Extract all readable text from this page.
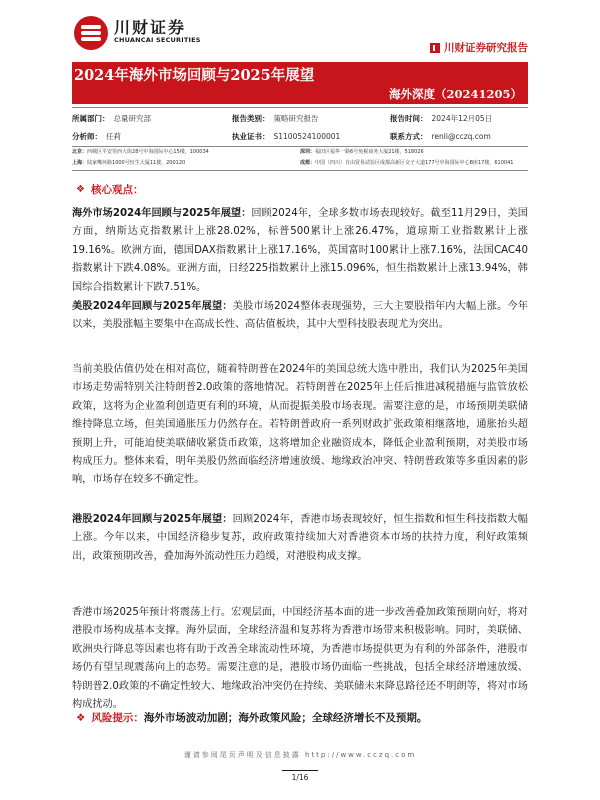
川财证券
CHUANCAI SECURITIES
川财证券研究报告
2024年海外市场回顾与2025年展望
海外深度（20241205）
所属部门： 总量研究部	报告类别： 策略研究报告	报告时间： 2024年12月05日
分析师： 任莉	执业证书： S1100524100001	联系方式： renli@cczq.com
北京：西城区平安里西大街28号中海国际中心15楼，100034	深圳：福田区福华一路6号免税商务大厦21楼，518026
上海：陆家嘴环路1000号恒生大厦11楼，200120	成都：中国（四川）自由贸易试验区成都高新区交子大道177号中海国际中心B座17楼，610041
❖ 核心观点：
海外市场2024年回顾与2025年展望：回顾2024年，全球多数市场表现较好。截至11月29日，美国方面，纳斯达克指数累计上涨28.02%，标普500累计上涨26.47%，道琼斯工业指数累计上涨19.16%。欧洲方面，德国DAX指数累计上涨17.16%，英国富时100累计上涨7.16%，法国CAC40指数累计下跌4.08%。亚洲方面，日经225指数累计上涨15.096%，恒生指数累计上涨13.94%，韩国综合指数累计下跌7.51%。
美股2024年回顾与2025年展望：美股市场2024整体表现强势，三大主要股指年内大幅上涨。今年以来，美股涨幅主要集中在高成长性、高估值板块，其中大型科技股表现尤为突出。
当前美股估值仍处在相对高位，随着特朗普在2024年的美国总统大选中胜出，我们认为2025年美国市场走势需特别关注特朗普2.0政策的落地情况。若特朗普在2025年上任后推进减税措施与监管放松政策，这将为企业盈利创造更有利的环境，从而提振美股市场表现。需要注意的是，市场预期美联储维持降息立场，但美国通胀压力仍然存在。若特朗普政府一系列财政扩张政策相继落地，通胀抬头超预期上升，可能迫使美联储收紧货币政策，这将增加企业融资成本，降低企业盈利预期，对美股市场构成压力。整体来看，明年美股仍然面临经济增速放缓、地缘政治冲突、特朗普政策等多重因素的影响，市场存在较多不确定性。
港股2024年回顾与2025年展望：回顾2024年，香港市场表现较好，恒生指数和恒生科技指数大幅上涨。今年以来，中国经济稳步复苏，政府政策持续加大对香港资本市场的扶持力度，利好政策频出，政策预期改善，叠加海外流动性压力趋缓，对港股构成支撑。
香港市场2025年预计将震荡上行。宏观层面，中国经济基本面的进一步改善叠加政策预期向好，将对港股市场构成基本支撑。海外层面，全球经济温和复苏将为香港市场带来积极影响。同时，美联储、欧洲央行降息等因素也将有助于改善全球流动性环境，为香港市场提供更为有利的外部条件，港股市场仍有望呈现震荡向上的态势。需要注意的是，港股市场仍面临一些挑战，包括全球经济增速放缓、特朗普2.0政策的不确定性较大、地缘政治冲突仍在持续、美联储未来降息路径还不明朗等，将对市场构成扰动。
❖ 风险提示： 海外市场波动加剧；海外政策风险；全球经济增长不及预期。
谨请参阅尾页声明及信息披露 http://www.cczq.com
1/16
